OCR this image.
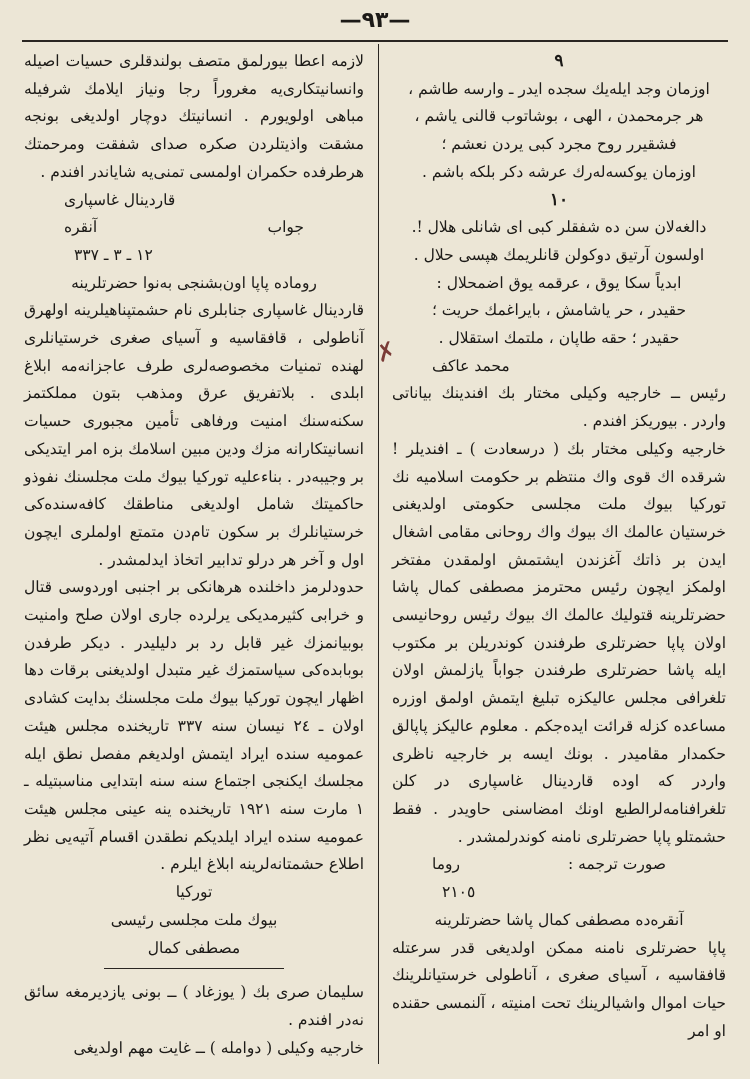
—٩٣—
✗

٩

اوزمان وجد ایله‌یك سجده ایدر ـ وارسه طاشم ،

هر جرمحمدن ، الهی ، بوشاتوب قالنی یاشم ،

فشقیرر روح مجرد کبی یردن نعشم ؛

اوزمان یوکسه‌له‌رك عرشه دکر بلکه باشم .

١٠

دالغه‌لان سن ده شفقلر کبی ای شانلی هلال !.

اولسون آرتیق دوکولن قانلریمك هپسی حلال .

ابدیاً سکا یوق ، عرقمه یوق اضمحلال :

حقیدر ، حر یاشامش ، بایراغمك حریت ؛

حقیدر ؛ حقه طاپان ، ملتمك استقلال .

محمد عاكف

رئیس ــ خارجیه وکیلی مختار بك افندینك بیاناتی واردر . بیوریکز افندم .

خارجیه وکیلی مختار بك ( درسعادت ) ـ افندیلر ! شرقده اك قوی واك منتظم بر حکومت اسلامیه نك تورکیا بیوك ملت مجلسی حکومتی اولدیغنی خرستیان عالمك اك بیوك واك روحانی مقامی اشغال ایدن بر ذاتك آغزندن ایشتمش اولمقدن مفتخر اولمکز ایچون رئیس محترمز مصطفی کمال پاشا حضرتلرینه قتولیك عالمك اك بیوك رئیس روحانیسی اولان پاپا حضرتلری طرفندن کوندریلن بر مکتوب ایله پاشا حضرتلری طرفندن جواباً یازلمش اولان تلغرافی مجلس عالیکزه تبلیغ ایتمش اولمق اوزره مساعده کزله قرائت ایده‌جکم . معلوم عالیکز پاپالق حکمدار مقامیدر . بونك ایسه بر خارجیه ناظری واردر که اوده قاردینال غاسپاری در کلن تلغرافنامه‌لرالطبع اونك امضاسنی حاویدر . فقط حشمتلو پاپا حضرتلری نامنه کوندرلمشدر .

صورت ترجمه :
روما

٢١٠٥

آنقره‌ده مصطفی کمال پاشا حضرتلرینه

پاپا حضرتلری نامنه ممکن اولدیغی قدر سرعتله قافقاسیه ، آسیای صغری ، آناطولی خرستیانلرینك حیات اموال واشیالرینك تحت امنیته ، آلنمسی حقنده او امر

لازمه اعطا بیورلمق متصف بولندقلری حسیات اصیله وانسانیتکاری‌یه مغروراً رجا ونیاز ایلامك شرفیله مباهی اولویورم . انسانیتك دوچار اولدیغی بونجه مشقت واذیتلردن صکره صدای شفقت ومرحمتك هرطرفده حکمران اولمسی تمنی‌یه شایاندر افندم .

قاردینال غاسپاری

جواب
آنقره

١٢ ـ ٣ ـ ٣٣٧

روماده پاپا اون‌بشنجی به‌نوا حضرتلرینه

قاردینال غاسپاری جنابلری نام حشمتپناهیلرینه اولهرق آناطولی ، قافقاسیه و آسیای صغری خرستیانلری لهنده تمنیات مخصوصه‌لری طرف عاجزانه‌مه ابلاغ ابلدی . بلاتفریق عرق ومذهب بتون مملکتمز سکنه‌سنك امنیت ورفاهی تأمین مجبوری حسیات انسانیتکارانه مزك ودین مبین اسلامك بزه امر ایتدیکی بر وجیبه‌در . بناءعلیه تورکیا بیوك ملت مجلسنك نفوذو حاکمیتك شامل اولدیغی مناطقك کافه‌سنده‌کی خرستیانلرك بر سکون تام‌دن متمتع اولملری ایچون اول و آخر هر درلو تدابیر اتخاذ ایدلمشدر .

حدودلرمز داخلنده هرهانکی بر اجنبی اوردوسی قتال و خرابی کثیرمدیکی یرلرده جاری اولان صلح وامنیت بوبیانمزك غیر قابل رد بر دلیلیدر . دیکر طرفدن بوبابده‌کی سیاستمزك غیر متبدل اولدیغنی برقات دها اظهار ایچون تورکیا بیوك ملت مجلسنك بدایت کشادی اولان ـ ٢٤ نیسان سنه ٣٣٧ تاریخنده مجلس هیئت عمومیه سنده ایراد ایتمش اولدیغم مفصل نطق ایله مجلسك ایکنجی اجتماع سنه سنه ابتدایی مناسبتیله ـ ١ مارت سنه ١٩٢١ تاریخنده ینه عینی مجلس هیئت عمومیه سنده ایراد ایلدیکم نطقدن اقسام آتیه‌یی نظر اطلاع حشمتانه‌لرینه ابلاغ ایلرم .

تورکیا

بیوك ملت مجلسی رئیسی

مصطفی کمال

سلیمان صری بك ( یوزغاد ) ــ بونی یازدیرمغه سائق نه‌در افندم .

خارجیه وکیلی ( دوامله ) ــ غایت مهم اولدیغی
